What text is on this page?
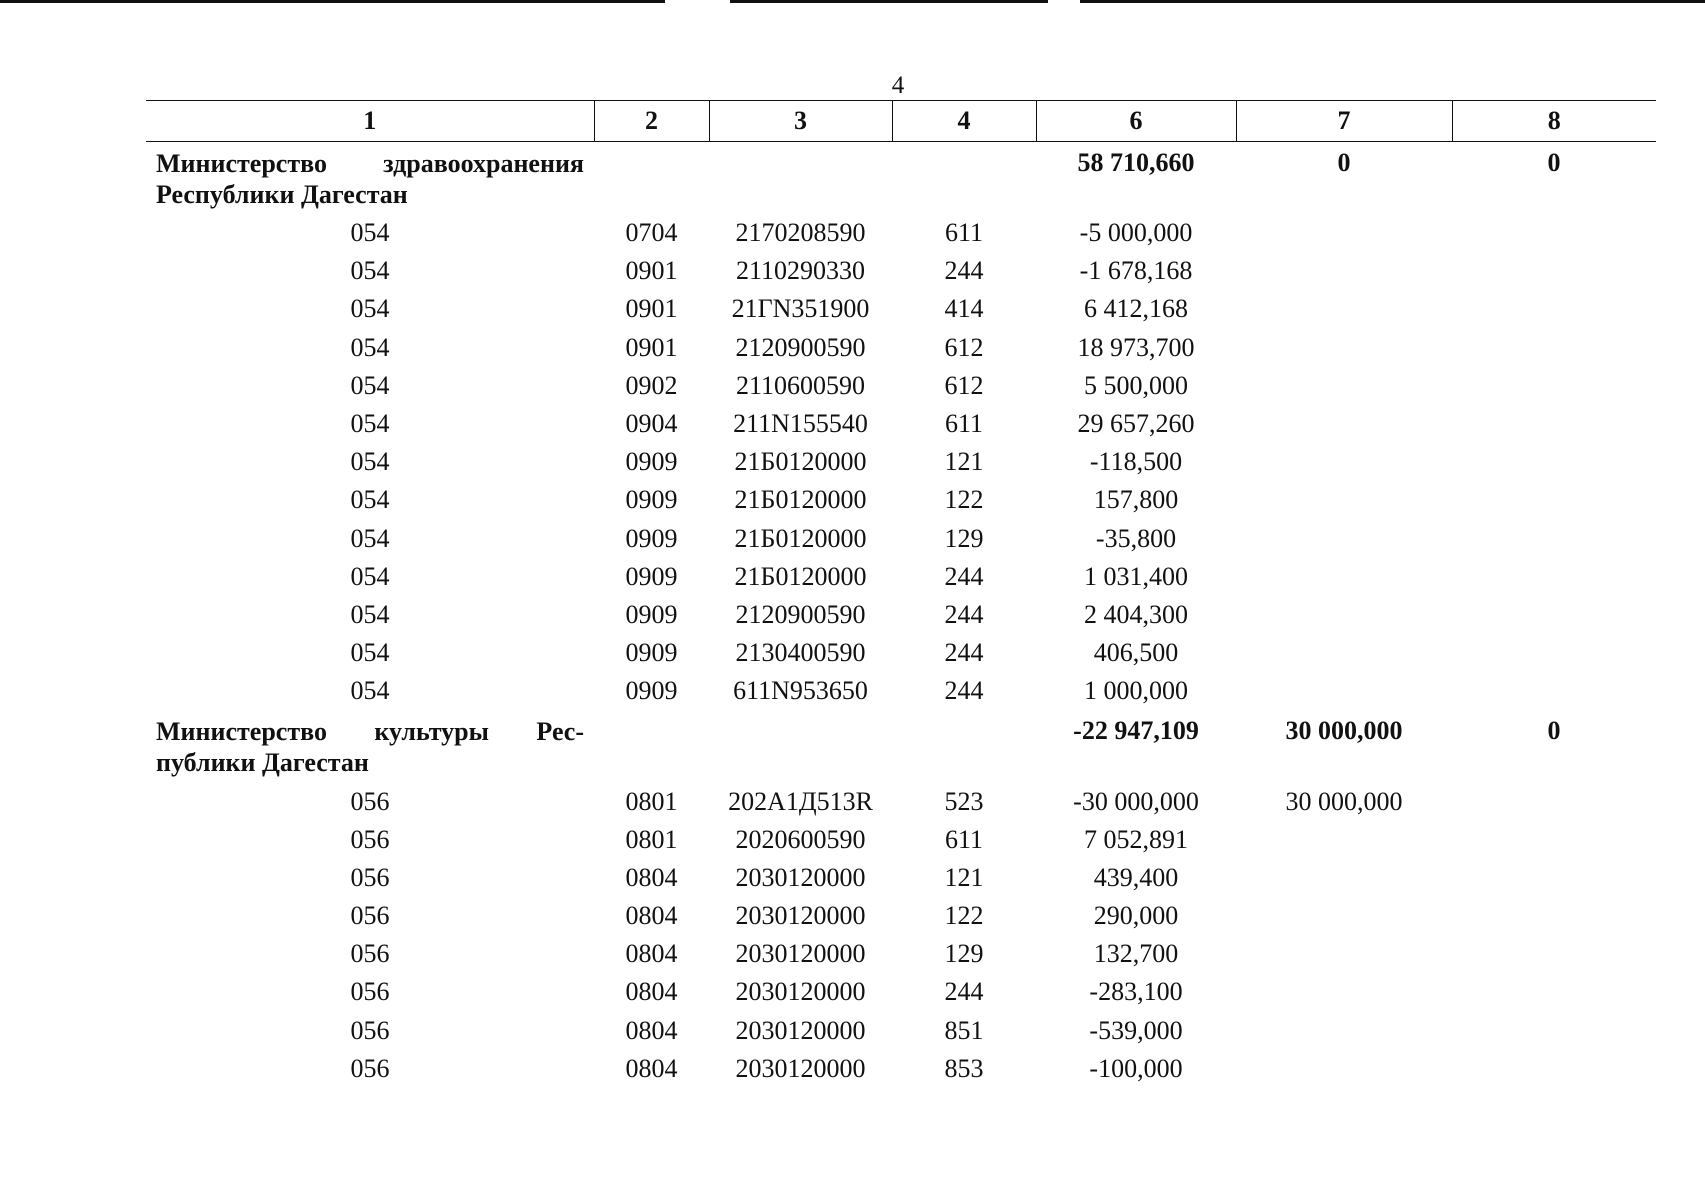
4
1	2	3	4	6	7	8
Министерство здравоохранения Республики Дагестан				58 710,660	0	0
054	0704	2170208590	611	-5 000,000		
054	0901	2110290330	244	-1 678,168		
054	0901	21ГN351900	414	6 412,168		
054	0901	2120900590	612	18 973,700		
054	0902	2110600590	612	5 500,000		
054	0904	211N155540	611	29 657,260		
054	0909	21Б0120000	121	-118,500		
054	0909	21Б0120000	122	157,800		
054	0909	21Б0120000	129	-35,800		
054	0909	21Б0120000	244	1 031,400		
054	0909	2120900590	244	2 404,300		
054	0909	2130400590	244	406,500		
054	0909	611N953650	244	1 000,000		
Министерство культуры Рес-публики Дагестан				-22 947,109	30 000,000	0
056	0801	202А1Д513R	523	-30 000,000	30 000,000	
056	0801	2020600590	611	7 052,891		
056	0804	2030120000	121	439,400		
056	0804	2030120000	122	290,000		
056	0804	2030120000	129	132,700		
056	0804	2030120000	244	-283,100		
056	0804	2030120000	851	-539,000		
056	0804	2030120000	853	-100,000		
